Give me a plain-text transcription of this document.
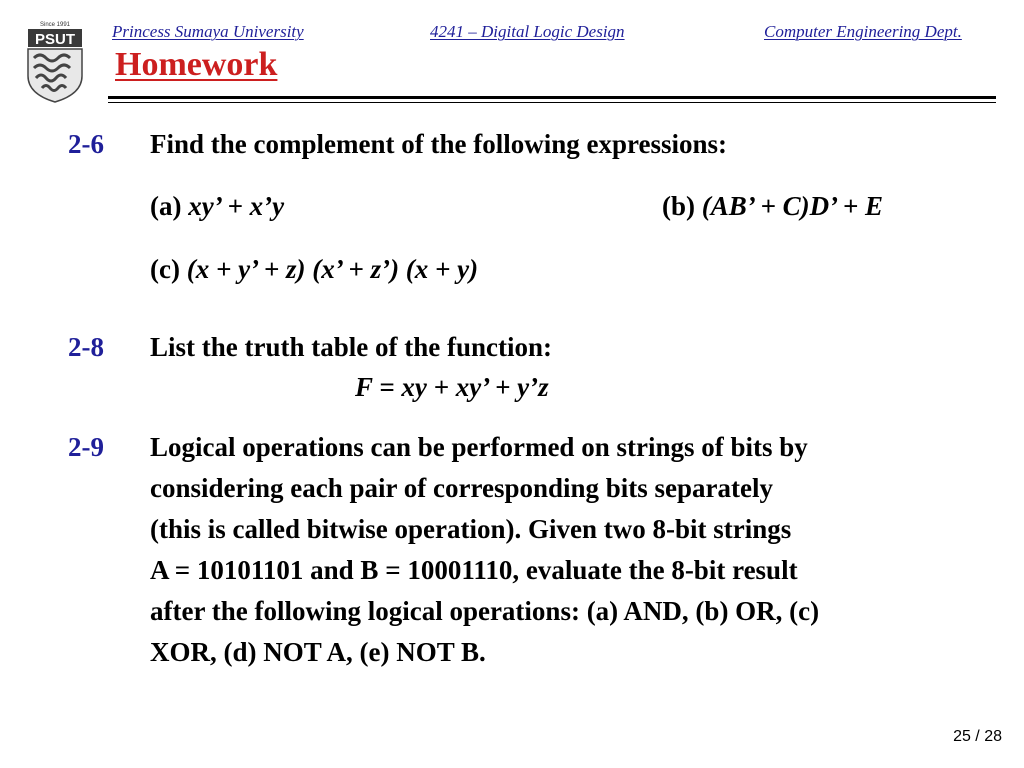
Since 1991
PSUT Princess Sumaya University	4241 – Digital Logic Design	Computer Engineering Dept.
Homework
2-6 Find the complement of the following expressions:
(a) xy’ + x’y	(b) (AB’ + C)D’ + E
(c) (x + y’ + z) (x’ + z’) (x + y)
2-8 List the truth table of the function:
F = xy + xy’ + y’z
2-9 Logical operations can be performed on strings of bits by
considering each pair of corresponding bits separately
(this is called bitwise operation). Given two 8-bit strings
A = 10101101 and B = 10001110, evaluate the 8-bit result
after the following logical operations: (a) AND, (b) OR, (c)
XOR, (d) NOT A, (e) NOT B.
25 / 28
